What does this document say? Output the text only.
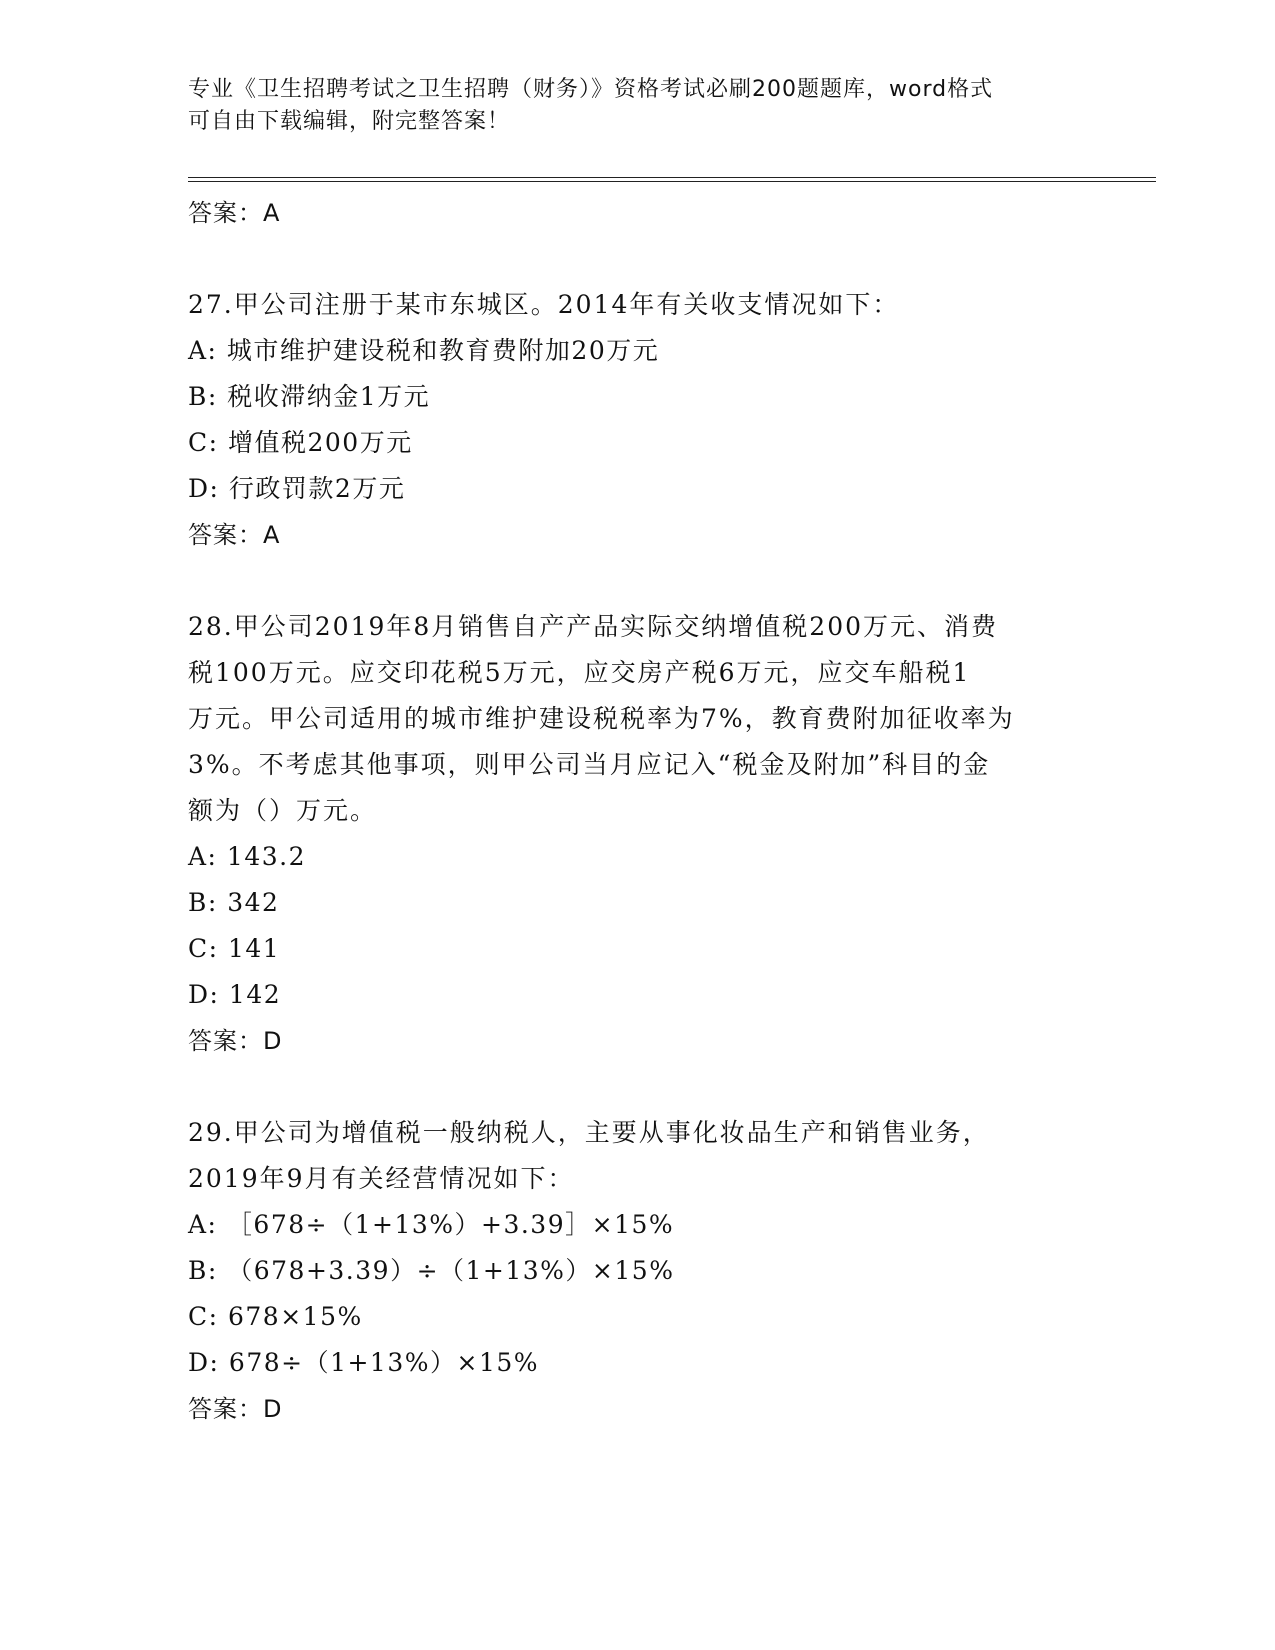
专业《卫生招聘考试之卫生招聘（财务）》资格考试必刷200题题库，word格式
可自由下载编辑，附完整答案！
答案：A
27.甲公司注册于某市东城区。2014年有关收支情况如下：
A: 城市维护建设税和教育费附加20万元
B: 税收滞纳金1万元
C: 增值税200万元
D: 行政罚款2万元
答案：A
28.甲公司2019年8月销售自产产品实际交纳增值税200万元、消费
税100万元。应交印花税5万元，应交房产税6万元，应交车船税1
万元。甲公司适用的城市维护建设税税率为7%，教育费附加征收率为
3%。不考虑其他事项，则甲公司当月应记入“税金及附加”科目的金
额为（）万元。
A: 143.2
B: 342
C: 141
D: 142
答案：D
29.甲公司为增值税一般纳税人，主要从事化妆品生产和销售业务，
2019年9月有关经营情况如下：
A: ［678÷（1+13%）+3.39］×15%
B: （678+3.39）÷（1+13%）×15%
C: 678×15%
D: 678÷（1+13%）×15%
答案：D
